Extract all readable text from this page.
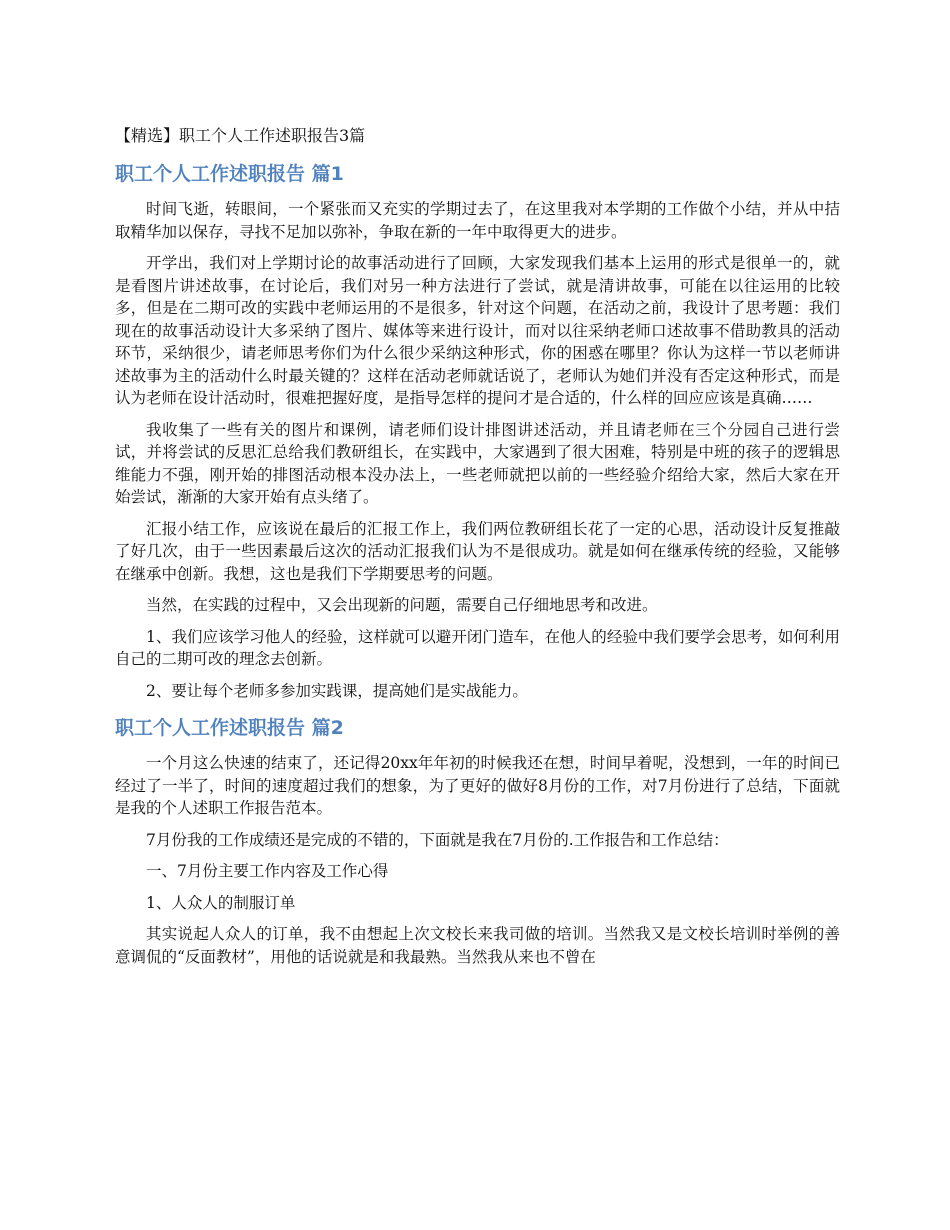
【精选】职工个人工作述职报告3篇
职工个人工作述职报告 篇1

时间飞逝，转眼间，一个紧张而又充实的学期过去了，在这里我对本学期的工作做个小结，并从中拮取精华加以保存，寻找不足加以弥补，争取在新的一年中取得更大的进步。

开学出，我们对上学期讨论的故事活动进行了回顾，大家发现我们基本上运用的形式是很单一的，就是看图片讲述故事，在讨论后，我们对另一种方法进行了尝试，就是清讲故事，可能在以往运用的比较多，但是在二期可改的实践中老师运用的不是很多，针对这个问题，在活动之前，我设计了思考题：我们现在的故事活动设计大多采纳了图片、媒体等来进行设计，而对以往采纳老师口述故事不借助教具的活动环节，采纳很少，请老师思考你们为什么很少采纳这种形式，你的困惑在哪里？你认为这样一节以老师讲述故事为主的活动什么时最关键的？这样在活动老师就话说了，老师认为她们并没有否定这种形式，而是认为老师在设计活动时，很难把握好度，是指导怎样的提问才是合适的，什么样的回应应该是真确……

我收集了一些有关的图片和课例，请老师们设计排图讲述活动，并且请老师在三个分园自己进行尝试，并将尝试的反思汇总给我们教研组长，在实践中，大家遇到了很大困难，特别是中班的孩子的逻辑思维能力不强，刚开始的排图活动根本没办法上，一些老师就把以前的一些经验介绍给大家，然后大家在开始尝试，渐渐的大家开始有点头绪了。

汇报小结工作，应该说在最后的汇报工作上，我们两位教研组长花了一定的心思，活动设计反复推敲了好几次，由于一些因素最后这次的活动汇报我们认为不是很成功。就是如何在继承传统的经验，又能够在继承中创新。我想，这也是我们下学期要思考的问题。

当然，在实践的过程中，又会出现新的问题，需要自己仔细地思考和改进。

1、我们应该学习他人的经验，这样就可以避开闭门造车，在他人的经验中我们要学会思考，如何利用自己的二期可改的理念去创新。

2、要让每个老师多参加实践课，提高她们是实战能力。

职工个人工作述职报告 篇2

一个月这么快速的结束了，还记得20xx年年初的时候我还在想，时间早着呢，没想到，一年的时间已经过了一半了，时间的速度超过我们的想象，为了更好的做好8月份的工作，对7月份进行了总结，下面就是我的个人述职工作报告范本。

7月份我的工作成绩还是完成的不错的，下面就是我在7月份的.工作报告和工作总结：

一、7月份主要工作内容及工作心得

1、人众人的制服订单

其实说起人众人的订单，我不由想起上次文校长来我司做的培训。当然我又是文校长培训时举例的善意调侃的“反面教材”，用他的话说就是和我最熟。当然我从来也不曾在
